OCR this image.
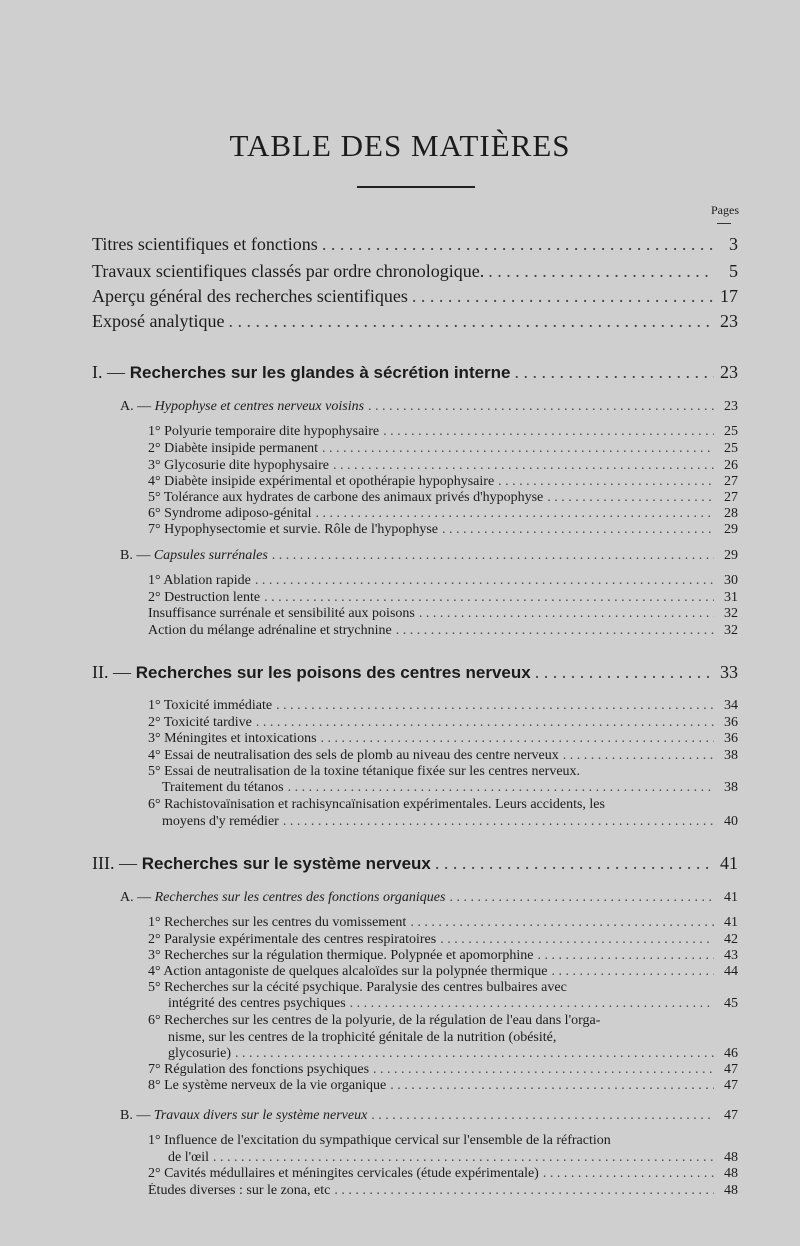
TABLE DES MATIÈRES
Pages
Titres scientifiques et fonctions . . .	3
Travaux scientifiques classés par ordre chronologique. . . .	5
Aperçu général des recherches scientifiques . . .	17
Exposé analytique . . .	23
I. — Recherches sur les glandes à sécrétion interne . . .	23
A. — Hypophyse et centres nerveux voisins . . .	23
1° Polyurie temporaire dite hypophysaire . . .	25
2° Diabète insipide permanent . . .	25
3° Glycosurie dite hypophysaire . . .	26
4° Diabète insipide expérimental et opothérapie hypophysaire . . .	27
5° Tolérance aux hydrates de carbone des animaux privés d'hypophyse . . .	27
6° Syndrome adiposo-génital . . .	28
7° Hypophysectomie et survie. Rôle de l'hypophyse . . .	29
B. — Capsules surrénales . . .	29
1° Ablation rapide . . .	30
2° Destruction lente . . .	31
Insuffisance surrénale et sensibilité aux poisons . . .	32
Action du mélange adrénaline et strychnine . . .	32
II. — Recherches sur les poisons des centres nerveux . . .	33
1° Toxicité immédiate . . .	34
2° Toxicité tardive . . .	36
3° Méningites et intoxications . . .	36
4° Essai de neutralisation des sels de plomb au niveau des centre nerveux . . .	38
5° Essai de neutralisation de la toxine tétanique fixée sur les centres nerveux.
Traitement du tétanos . . .	38
6° Rachistovaïnisation et rachisyncaïnisation expérimentales. Leurs accidents, les
moyens d'y remédier . . .	40
III. — Recherches sur le système nerveux . . .	41
A. — Recherches sur les centres des fonctions organiques . . .	41
1° Recherches sur les centres du vomissement . . .	41
2° Paralysie expérimentale des centres respiratoires . . .	42
3° Recherches sur la régulation thermique. Polypnée et apomorphine . . .	43
4° Action antagoniste de quelques alcaloïdes sur la polypnée thermique . . .	44
5° Recherches sur la cécité psychique. Paralysie des centres bulbaires avec
intégrité des centres psychiques . . .	45
6° Recherches sur les centres de la polyurie, de la régulation de l'eau dans l'orga-
nisme, sur les centres de la trophicité génitale de la nutrition (obésité,
glycosurie) . . .	46
7° Régulation des fonctions psychiques . . .	47
8° Le système nerveux de la vie organique . . .	47
B. — Travaux divers sur le système nerveux . . .	47
1° Influence de l'excitation du sympathique cervical sur l'ensemble de la réfraction
de l'œil . . .	48
2° Cavités médullaires et méningites cervicales (étude expérimentale) . . .	48
Études diverses : sur le zona, etc . . .	48
